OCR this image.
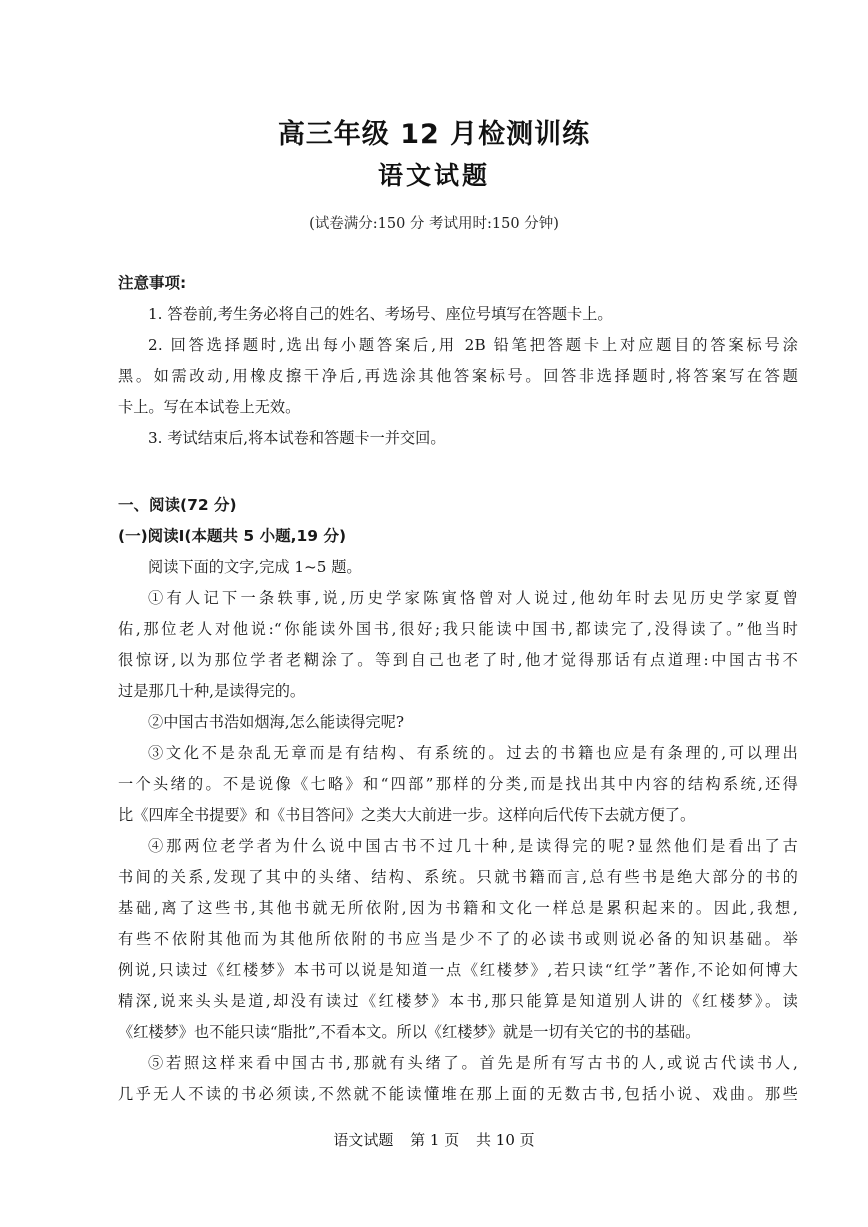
高三年级 12 月检测训练
语文试题
(试卷满分:150 分 考试用时:150 分钟)
注意事项:
1. 答卷前,考生务必将自己的姓名、考场号、座位号填写在答题卡上。
2. 回答选择题时,选出每小题答案后,用 2B 铅笔把答题卡上对应题目的答案标号涂
黑。如需改动,用橡皮擦干净后,再选涂其他答案标号。回答非选择题时,将答案写在答题
卡上。写在本试卷上无效。
3. 考试结束后,将本试卷和答题卡一并交回。
一、阅读(72 分)
(一)阅读Ⅰ(本题共 5 小题,19 分)
阅读下面的文字,完成 1~5 题。
①有人记下一条轶事,说,历史学家陈寅恪曾对人说过,他幼年时去见历史学家夏曾
佑,那位老人对他说:“你能读外国书,很好;我只能读中国书,都读完了,没得读了。”他当时
很惊讶,以为那位学者老糊涂了。等到自己也老了时,他才觉得那话有点道理:中国古书不
过是那几十种,是读得完的。
②中国古书浩如烟海,怎么能读得完呢?
③文化不是杂乱无章而是有结构、有系统的。过去的书籍也应是有条理的,可以理出
一个头绪的。不是说像《七略》和“四部”那样的分类,而是找出其中内容的结构系统,还得
比《四库全书提要》和《书目答问》之类大大前进一步。这样向后代传下去就方便了。
④那两位老学者为什么说中国古书不过几十种,是读得完的呢?显然他们是看出了古
书间的关系,发现了其中的头绪、结构、系统。只就书籍而言,总有些书是绝大部分的书的
基础,离了这些书,其他书就无所依附,因为书籍和文化一样总是累积起来的。因此,我想,
有些不依附其他而为其他所依附的书应当是少不了的必读书或则说必备的知识基础。举
例说,只读过《红楼梦》本书可以说是知道一点《红楼梦》,若只读“红学”著作,不论如何博大
精深,说来头头是道,却没有读过《红楼梦》本书,那只能算是知道别人讲的《红楼梦》。读
《红楼梦》也不能只读“脂批”,不看本文。所以《红楼梦》就是一切有关它的书的基础。
⑤若照这样来看中国古书,那就有头绪了。首先是所有写古书的人,或说古代读书人,
几乎无人不读的书必须读,不然就不能读懂堆在那上面的无数古书,包括小说、戏曲。那些
语文试题 第 1 页 共 10 页
